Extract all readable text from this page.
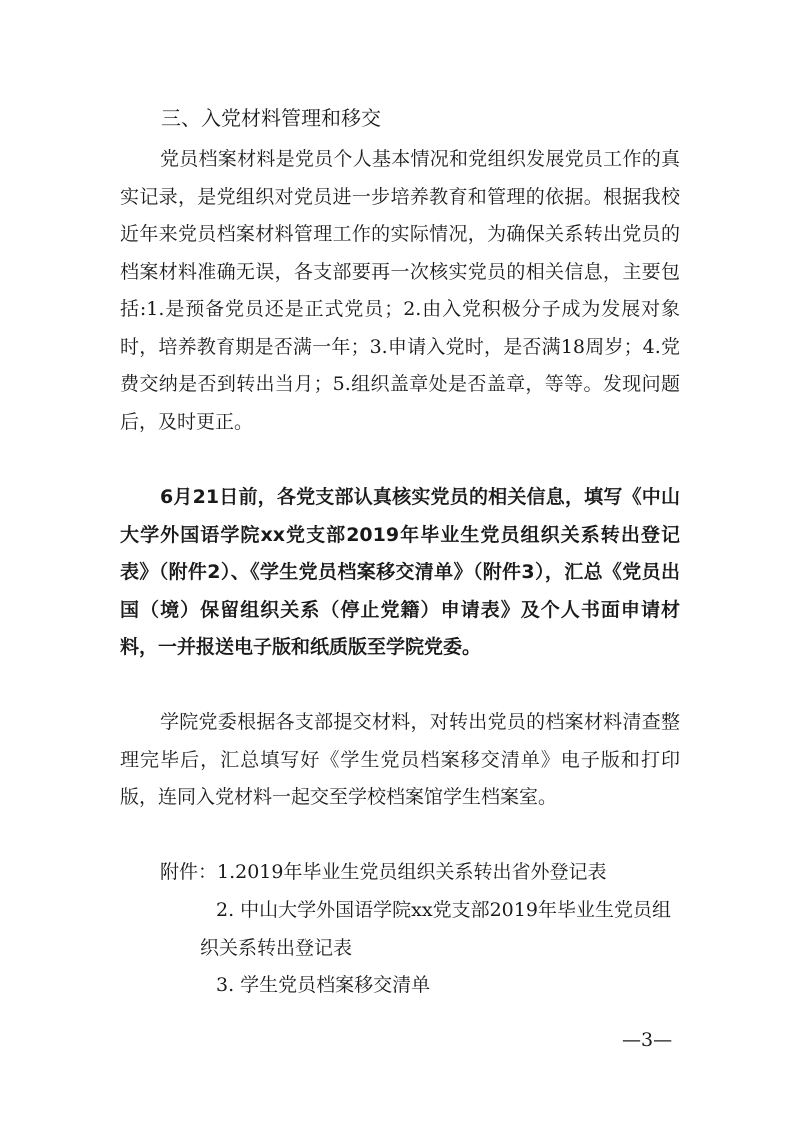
三、入党材料管理和移交

党员档案材料是党员个人基本情况和党组织发展党员工作的真实记录，是党组织对党员进一步培养教育和管理的依据。根据我校近年来党员档案材料管理工作的实际情况，为确保关系转出党员的档案材料准确无误，各支部要再一次核实党员的相关信息，主要包括:1.是预备党员还是正式党员；2.由入党积极分子成为发展对象时，培养教育期是否满一年；3.申请入党时，是否满18周岁；4.党费交纳是否到转出当月；5.组织盖章处是否盖章，等等。发现问题后，及时更正。

6月21日前，各党支部认真核实党员的相关信息，填写《中山大学外国语学院xx党支部2019年毕业生党员组织关系转出登记表》（附件2）、《学生党员档案移交清单》（附件3），汇总《党员出国（境）保留组织关系（停止党籍）申请表》及个人书面申请材料，一并报送电子版和纸质版至学院党委。

学院党委根据各支部提交材料，对转出党员的档案材料清查整理完毕后，汇总填写好《学生党员档案移交清单》电子版和打印版，连同入党材料一起交至学校档案馆学生档案室。

附件：1.2019年毕业生党员组织关系转出省外登记表

2. 中山大学外国语学院xx党支部2019年毕业生党员组织关系转出登记表

3. 学生党员档案移交清单

—3—
